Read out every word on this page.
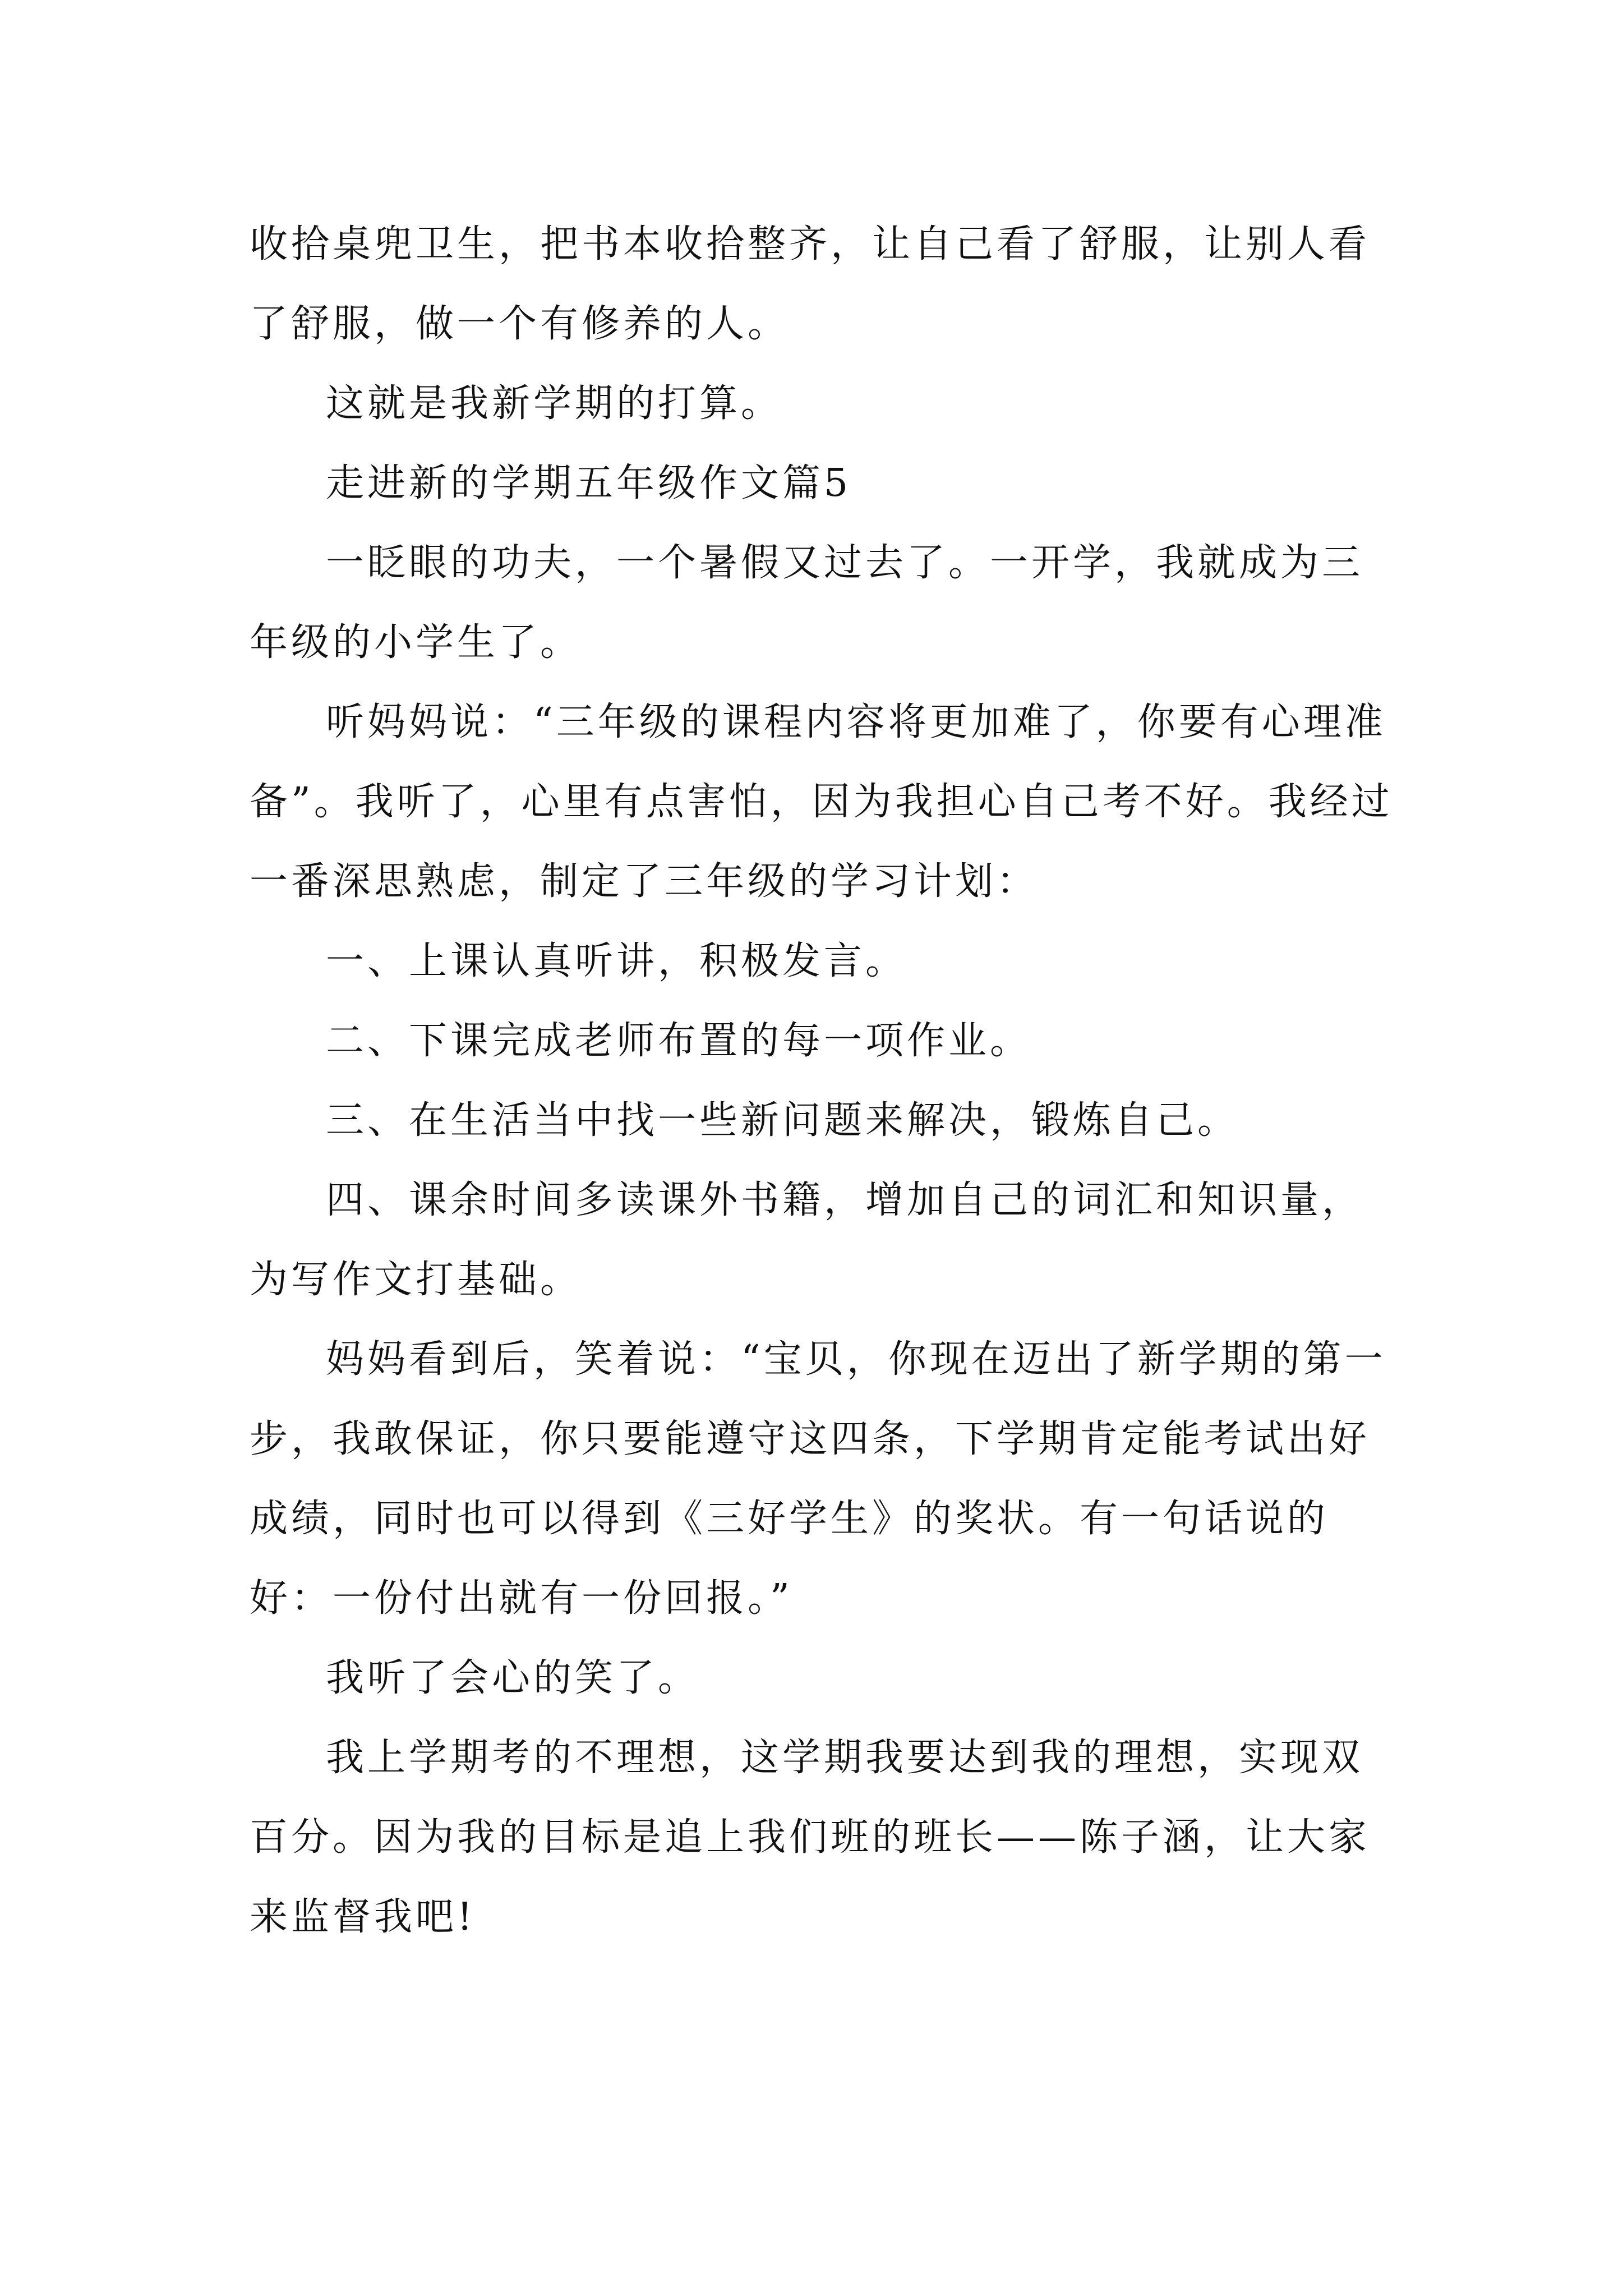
收拾桌兜卫生，把书本收拾整齐，让自己看了舒服，让别人看了舒服，做一个有修养的人。

这就是我新学期的打算。

走进新的学期五年级作文篇5

一眨眼的功夫，一个暑假又过去了。一开学，我就成为三年级的小学生了。

听妈妈说：“三年级的课程内容将更加难了，你要有心理准备”。我听了，心里有点害怕，因为我担心自己考不好。我经过一番深思熟虑，制定了三年级的学习计划：

一、上课认真听讲，积极发言。

二、下课完成老师布置的每一项作业。

三、在生活当中找一些新问题来解决，锻炼自己。

四、课余时间多读课外书籍，增加自己的词汇和知识量，为写作文打基础。

妈妈看到后，笑着说：“宝贝，你现在迈出了新学期的第一步，我敢保证，你只要能遵守这四条，下学期肯定能考试出好成绩，同时也可以得到《三好学生》的奖状。有一句话说的好：一份付出就有一份回报。”

我听了会心的笑了。

我上学期考的不理想，这学期我要达到我的理想，实现双百分。因为我的目标是追上我们班的班长——陈子涵，让大家来监督我吧!
